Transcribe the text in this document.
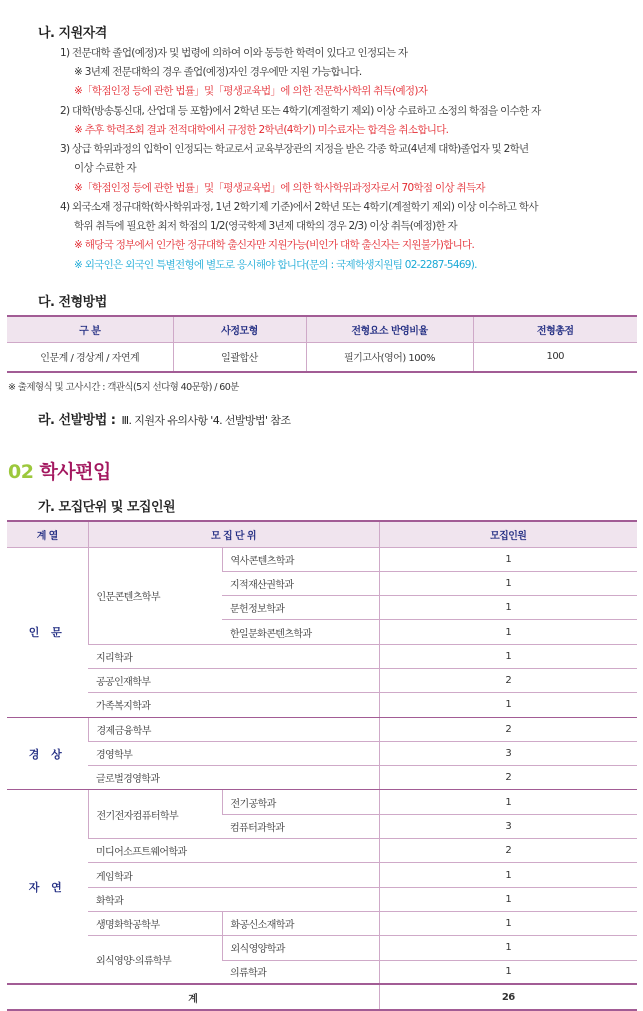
나. 지원자격
1) 전문대학 졸업(예정)자 및 법령에 의하여 이와 동등한 학력이 있다고 인정되는 자
※ 3년제 전문대학의 경우 졸업(예정)자인 경우에만 지원 가능합니다.
※「학점인정 등에 관한 법률」및「평생교육법」에 의한 전문학사학위 취득(예정)자
2) 대학(방송통신대, 산업대 등 포함)에서 2학년 또는 4학기(계절학기 제외) 이상 수료하고 소정의 학점을 이수한 자
※ 추후 학력조회 결과 전적대학에서 규정한 2학년(4학기) 미수료자는 합격을 취소합니다.
3) 상급 학위과정의 입학이 인정되는 학교로서 교육부장관의 지정을 받은 각종 학교(4년제 대학)졸업자 및 2학년
이상 수료한 자
※「학점인정 등에 관한 법률」및「평생교육법」에 의한 학사학위과정자로서 70학점 이상 취득자
4) 외국소재 정규대학(학사학위과정, 1년 2학기제 기준)에서 2학년 또는 4학기(계절학기 제외) 이상 이수하고 학사
학위 취득에 필요한 최저 학점의 1/2(영국학제 3년제 대학의 경우 2/3) 이상 취득(예정)한 자
※ 해당국 정부에서 인가한 정규대학 출신자만 지원가능(비인가 대학 출신자는 지원불가)합니다.
※ 외국인은 외국인 특별전형에 별도로 응시해야 합니다(문의 : 국제학생지원팀 02-2287-5469).
다. 전형방법
구 분	사정모형	전형요소 반영비율	전형총점
인문계 / 경상계 / 자연계	일괄합산	필기고사(영어) 100%	100
※ 출제형식 및 고사시간 : 객관식(5지 선다형 40문항) / 60분
라. 선발방법 : Ⅲ. 지원자 유의사항 '4. 선발방법' 참조
02 학사편입
가. 모집단위 및 모집인원
계 열	모 집 단 위		모집인원
인 문	인문콘텐츠학부	역사콘텐츠학과	1
		지적재산권학과	1
		문헌정보학과	1
		한일문화콘텐츠학과	1
	지리학과		1
	공공인재학부		2
	가족복지학과		1
경 상	경제금융학부		2
	경영학부		3
	글로벌경영학과		2
자 연	전기전자컴퓨터학부	전기공학과	1
		컴퓨터과학과	3
	미디어소프트웨어학과		2
	게임학과		1
	화학과		1
	생명화학공학부	화공신소재학과	1
	외식영양·의류학부	외식영양학과	1
		의류학과	1
계			26
